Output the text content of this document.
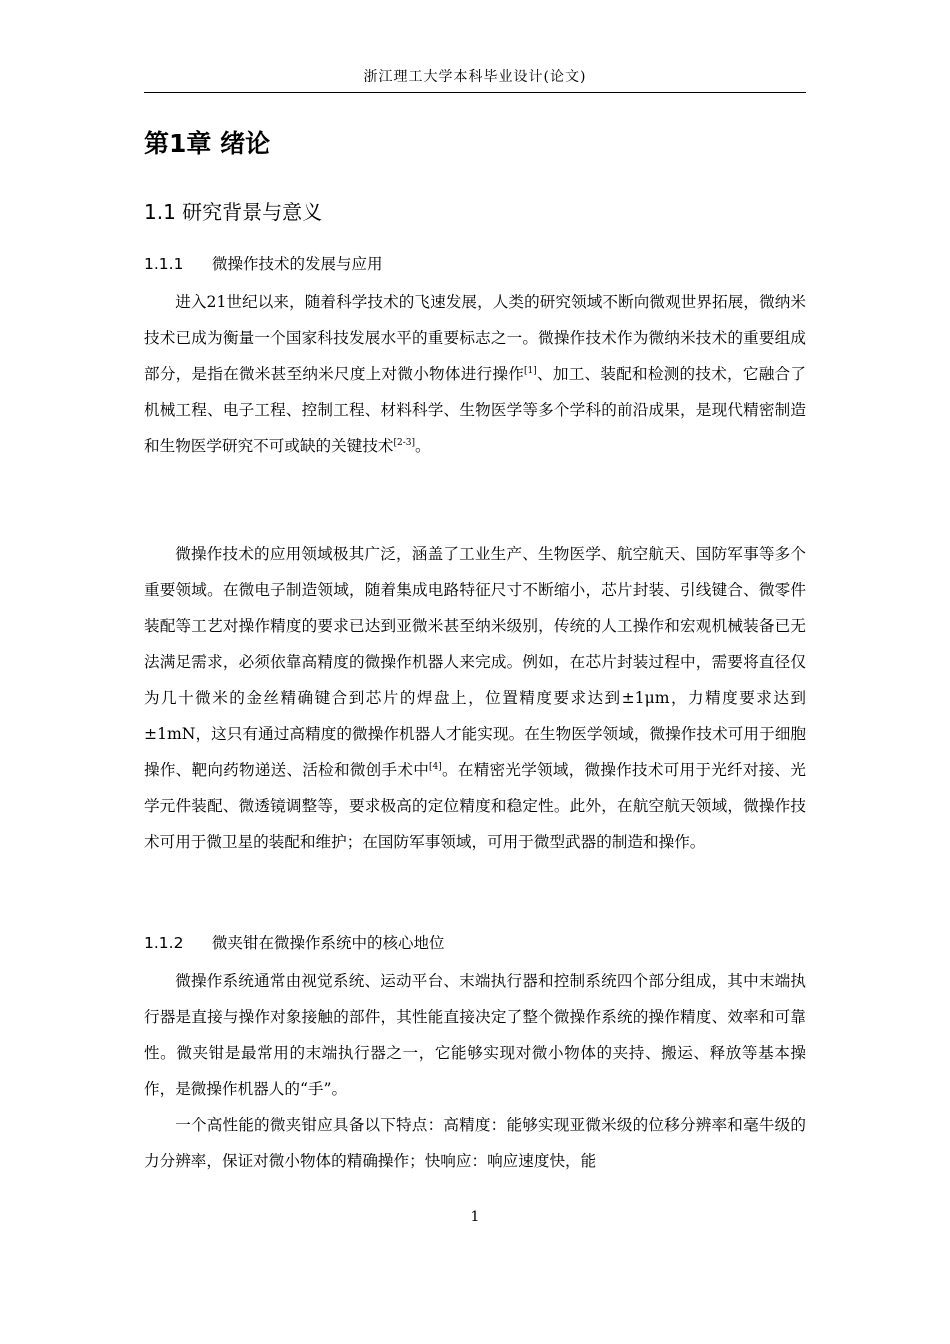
浙江理工大学本科毕业设计(论文)
第1章 绪论
1.1 研究背景与意义
1.1.1 微操作技术的发展与应用
进入21世纪以来，随着科学技术的飞速发展，人类的研究领域不断向微观世界拓展，微纳米技术已成为衡量一个国家科技发展水平的重要标志之一。微操作技术作为微纳米技术的重要组成部分，是指在微米甚至纳米尺度上对微小物体进行操作[1]、加工、装配和检测的技术，它融合了机械工程、电子工程、控制工程、材料科学、生物医学等多个学科的前沿成果，是现代精密制造和生物医学研究不可或缺的关键技术[2-3]。
微操作技术的应用领域极其广泛，涵盖了工业生产、生物医学、航空航天、国防军事等多个重要领域。在微电子制造领域，随着集成电路特征尺寸不断缩小，芯片封装、引线键合、微零件装配等工艺对操作精度的要求已达到亚微米甚至纳米级别，传统的人工操作和宏观机械装备已无法满足需求，必须依靠高精度的微操作机器人来完成。例如，在芯片封装过程中，需要将直径仅为几十微米的金丝精确键合到芯片的焊盘上，位置精度要求达到±1μm，力精度要求达到±1mN，这只有通过高精度的微操作机器人才能实现。在生物医学领域，微操作技术可用于细胞操作、靶向药物递送、活检和微创手术中[4]。在精密光学领域，微操作技术可用于光纤对接、光学元件装配、微透镜调整等，要求极高的定位精度和稳定性。此外，在航空航天领域，微操作技术可用于微卫星的装配和维护；在国防军事领域，可用于微型武器的制造和操作。
1.1.2 微夹钳在微操作系统中的核心地位
微操作系统通常由视觉系统、运动平台、末端执行器和控制系统四个部分组成，其中末端执行器是直接与操作对象接触的部件，其性能直接决定了整个微操作系统的操作精度、效率和可靠性。微夹钳是最常用的末端执行器之一，它能够实现对微小物体的夹持、搬运、释放等基本操作，是微操作机器人的“手”。
一个高性能的微夹钳应具备以下特点：高精度：能够实现亚微米级的位移分辨率和毫牛级的力分辨率，保证对微小物体的精确操作；快响应：响应速度快，能
1
